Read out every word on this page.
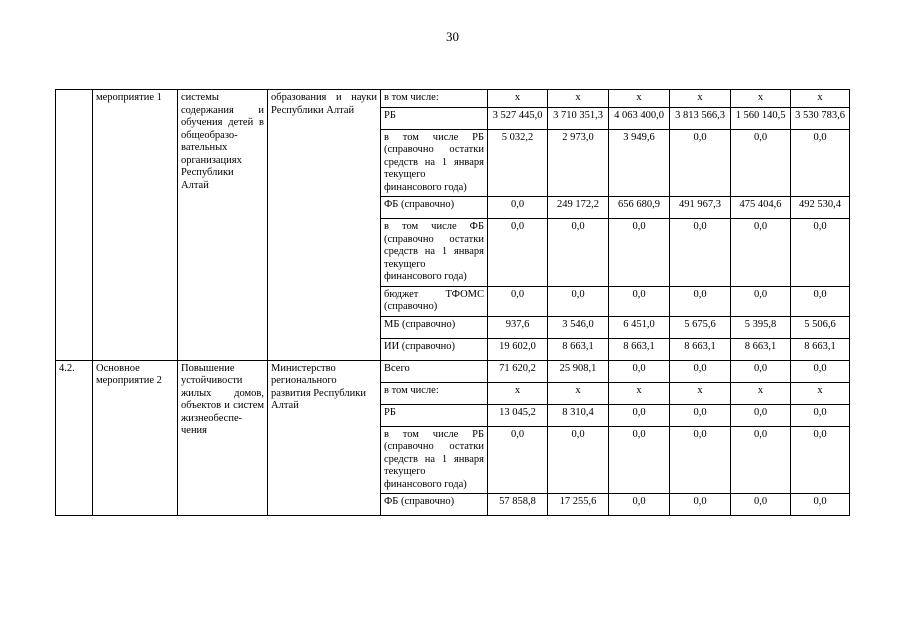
30
	мероприятие 1	системы содержания и обучения детей в общеобразо-вательных организациях Республики Алтай	образования и науки Республики Алтай	в том числе:	х	х	х	х	х	х
				РБ	3 527 445,0	3 710 351,3	4 063 400,0	3 813 566,3	1 560 140,5	3 530 783,6
				в том числе РБ (справочно остатки средств на 1 января текущего финансового года)	5 032,2	2 973,0	3 949,6	0,0	0,0	0,0
				ФБ (справочно)	0,0	249 172,2	656 680,9	491 967,3	475 404,6	492 530,4
				в том числе ФБ (справочно остатки средств на 1 января текущего финансового года)	0,0	0,0	0,0	0,0	0,0	0,0
				бюджет ТФОМС (справочно)	0,0	0,0	0,0	0,0	0,0	0,0
				МБ (справочно)	937,6	3 546,0	6 451,0	5 675,6	5 395,8	5 506,6
				ИИ (справочно)	19 602,0	8 663,1	8 663,1	8 663,1	8 663,1	8 663,1
4.2.	Основное мероприятие 2	Повышение устойчивости жилых домов, объектов и систем жизнеобеспе-чения	Министерство регионального развития Республики Алтай	Всего	71 620,2	25 908,1	0,0	0,0	0,0	0,0
				в том числе:	х	х	х	х	х	х
				РБ	13 045,2	8 310,4	0,0	0,0	0,0	0,0
				в том числе РБ (справочно остатки средств на 1 января текущего финансового года)	0,0	0,0	0,0	0,0	0,0	0,0
				ФБ (справочно)	57 858,8	17 255,6	0,0	0,0	0,0	0,0
